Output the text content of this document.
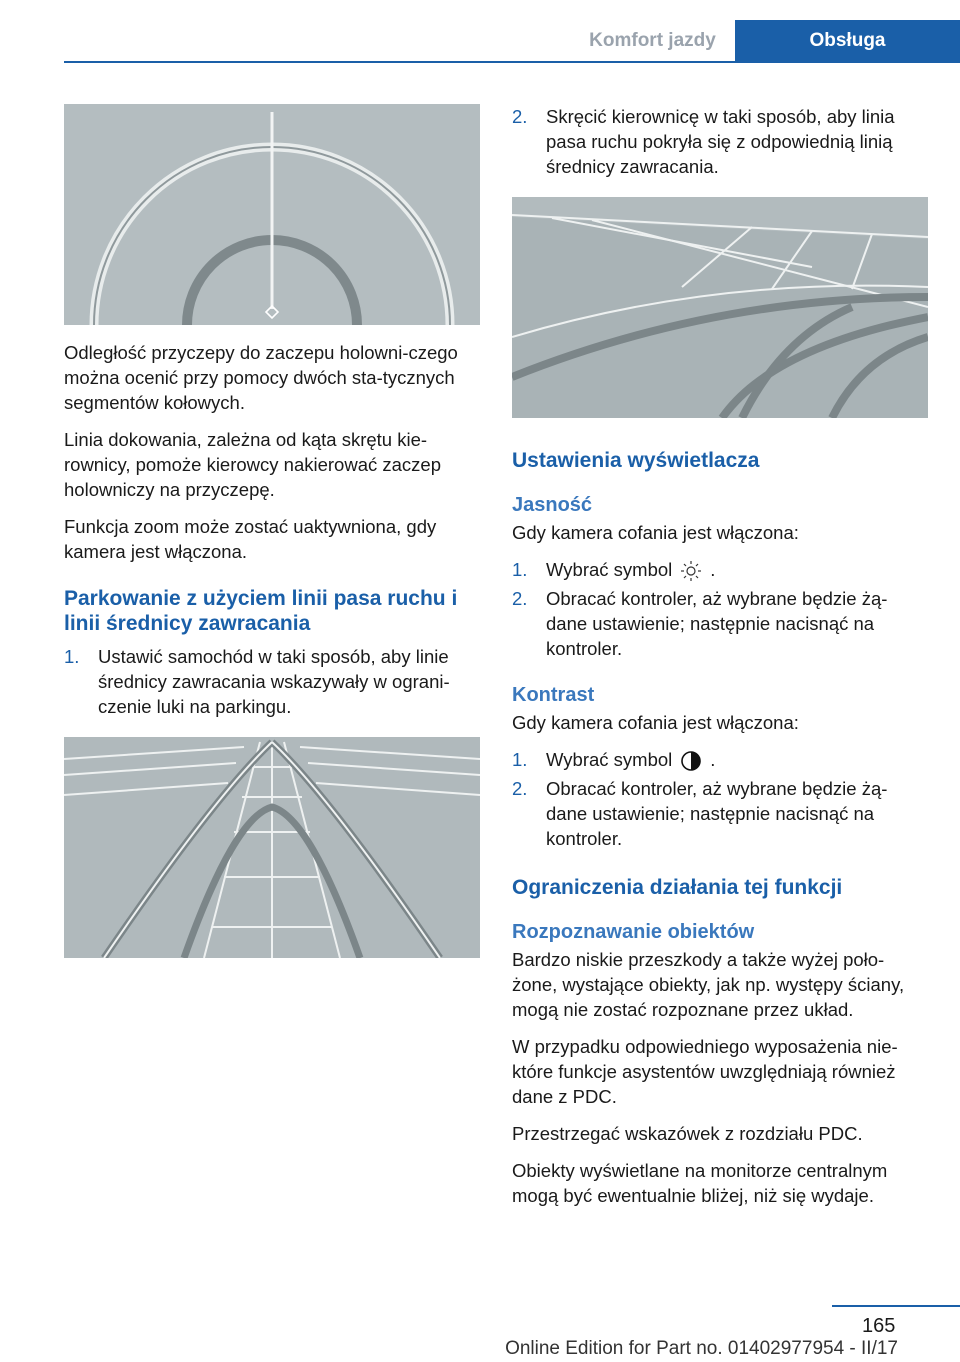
Komfort jazdy	Obsługa

Odległość przyczepy do zaczepu holowni‐czego można ocenić przy pomocy dwóch sta‐tycznych segmentów kołowych.

Linia dokowania, zależna od kąta skrętu kie‐rownicy, pomoże kierowcy nakierować zaczep holowniczy na przyczepę.

Funkcja zoom może zostać uaktywniona, gdy kamera jest włączona.

Parkowanie z użyciem linii pasa ruchu i linii średnicy zawracania
1. Ustawić samochód w taki sposób, aby linie średnicy zawracania wskazywały w ograni‐czenie luki na parkingu.
2. Skręcić kierownicę w taki sposób, aby linia pasa ruchu pokryła się z odpowiednią linią średnicy zawracania.
Ustawienia wyświetlacza
Jasność

Gdy kamera cofania jest włączona:

1. Wybrać symbol .
2. Obracać kontroler, aż wybrane będzie żą‐dane ustawienie; następnie nacisnąć na kontroler.
Kontrast

Gdy kamera cofania jest włączona:

1. Wybrać symbol .
2. Obracać kontroler, aż wybrane będzie żą‐dane ustawienie; następnie nacisnąć na kontroler.
Ograniczenia działania tej funkcji
Rozpoznawanie obiektów

Bardzo niskie przeszkody a także wyżej poło‐żone, wystające obiekty, jak np. występy ściany, mogą nie zostać rozpoznane przez układ.

W przypadku odpowiedniego wyposażenia nie‐które funkcje asystentów uwzględniają również dane z PDC.

Przestrzegać wskazówek z rozdziału PDC.

Obiekty wyświetlane na monitorze centralnym mogą być ewentualnie bliżej, niż się wydaje.

165
Online Edition for Part no. 01402977954 - II/17
